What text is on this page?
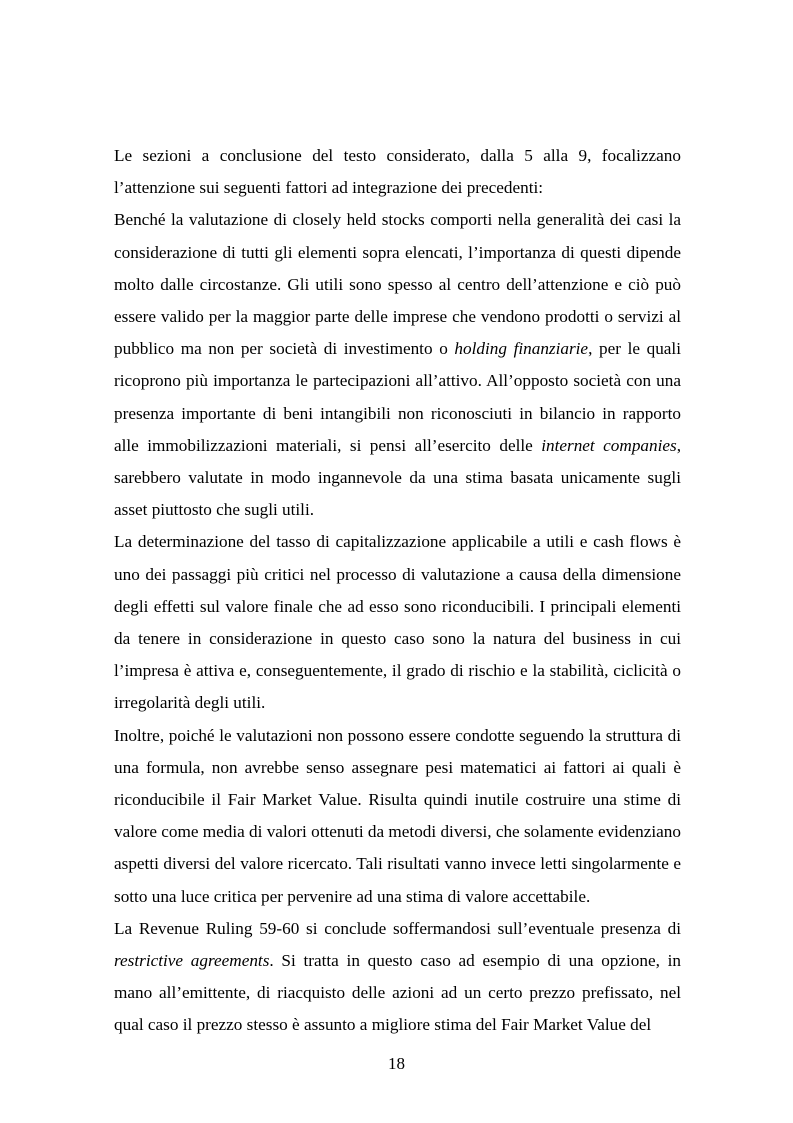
Le sezioni a conclusione del testo considerato, dalla 5 alla 9, focalizzano l’attenzione sui seguenti fattori ad integrazione dei precedenti:

Benché la valutazione di closely held stocks comporti nella generalità dei casi la considerazione di tutti gli elementi sopra elencati, l’importanza di questi dipende molto dalle circostanze. Gli utili sono spesso al centro dell’attenzione e ciò può essere valido per la maggior parte delle imprese che vendono prodotti o servizi al pubblico ma non per società di investimento o holding finanziarie, per le quali ricoprono più importanza le partecipazioni all’attivo. All’opposto società con una presenza importante di beni intangibili non riconosciuti in bilancio in rapporto alle immobilizzazioni materiali, si pensi all’esercito delle internet companies, sarebbero valutate in modo ingannevole da una stima basata unicamente sugli asset piuttosto che sugli utili.

La determinazione del tasso di capitalizzazione applicabile a utili e cash flows è uno dei passaggi più critici nel processo di valutazione a causa della dimensione degli effetti sul valore finale che ad esso sono riconducibili. I principali elementi da tenere in considerazione in questo caso sono la natura del business in cui l’impresa è attiva e, conseguentemente, il grado di rischio e la stabilità, ciclicità o irregolarità degli utili.

Inoltre, poiché le valutazioni non possono essere condotte seguendo la struttura di una formula, non avrebbe senso assegnare pesi matematici ai fattori ai quali è riconducibile il Fair Market Value. Risulta quindi inutile costruire una stime di valore come media di valori ottenuti da metodi diversi, che solamente evidenziano aspetti diversi del valore ricercato. Tali risultati vanno invece letti singolarmente e sotto una luce critica per pervenire ad una stima di valore accettabile.

La Revenue Ruling 59-60 si conclude soffermandosi sull’eventuale presenza di restrictive agreements. Si tratta in questo caso ad esempio di una opzione, in mano all’emittente, di riacquisto delle azioni ad un certo prezzo prefissato, nel qual caso il prezzo stesso è assunto a migliore stima del Fair Market Value del

18
